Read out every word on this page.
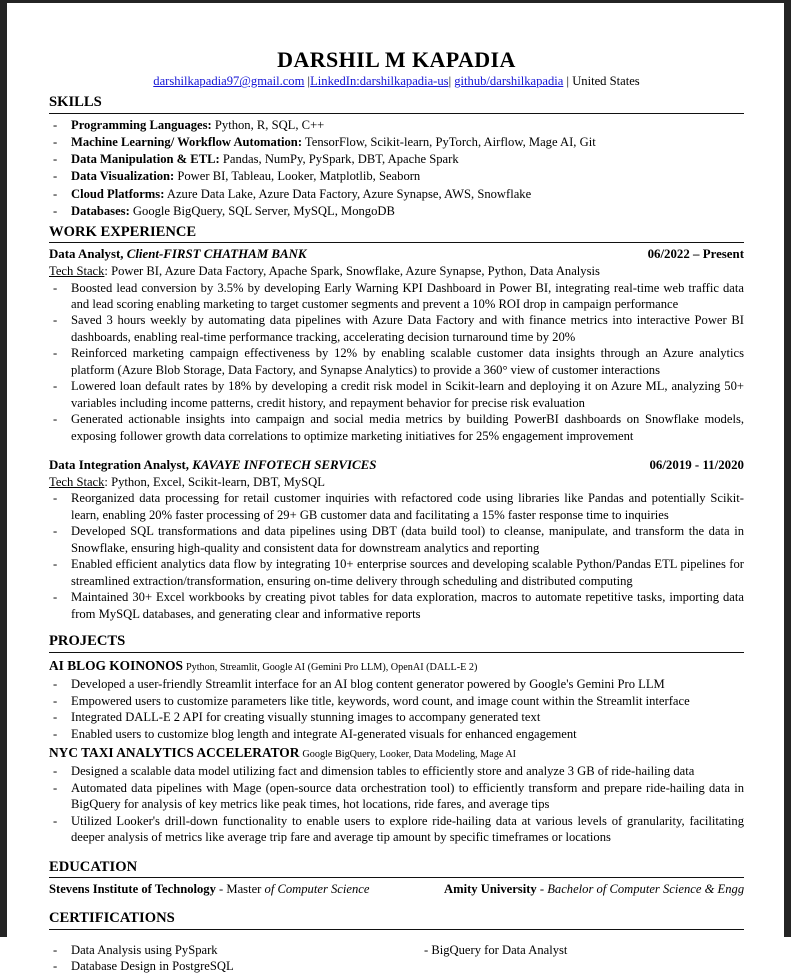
DARSHIL M KAPADIA
darshilkapadia97@gmail.com |LinkedIn:darshilkapadia-us| github/darshilkapadia | United States
SKILLS
-	Programming Languages: Python, R, SQL, C++
-	Machine Learning/ Workflow Automation: TensorFlow, Scikit-learn, PyTorch, Airflow, Mage AI, Git
-	Data Manipulation & ETL: Pandas, NumPy, PySpark, DBT, Apache Spark
-	Data Visualization: Power BI, Tableau, Looker, Matplotlib, Seaborn
-	Cloud Platforms: Azure Data Lake, Azure Data Factory, Azure Synapse, AWS, Snowflake
-	Databases: Google BigQuery, SQL Server, MySQL, MongoDB
WORK EXPERIENCE
Data Analyst, Client-FIRST CHATHAM BANK	06/2022 – Present
Tech Stack: Power BI, Azure Data Factory, Apache Spark, Snowflake, Azure Synapse, Python, Data Analysis
-	Boosted lead conversion by 3.5% by developing Early Warning KPI Dashboard in Power BI, integrating real-time web traffic data and lead scoring enabling marketing to target customer segments and prevent a 10% ROI drop in campaign performance
-	Saved 3 hours weekly by automating data pipelines with Azure Data Factory and with finance metrics into interactive Power BI dashboards, enabling real-time performance tracking, accelerating decision turnaround time by 20%
-	Reinforced marketing campaign effectiveness by 12% by enabling scalable customer data insights through an Azure analytics platform (Azure Blob Storage, Data Factory, and Synapse Analytics) to provide a 360° view of customer interactions
-	Lowered loan default rates by 18% by developing a credit risk model in Scikit-learn and deploying it on Azure ML, analyzing 50+ variables including income patterns, credit history, and repayment behavior for precise risk evaluation
-	Generated actionable insights into campaign and social media metrics by building PowerBI dashboards on Snowflake models, exposing follower growth data correlations to optimize marketing initiatives for 25% engagement improvement
Data Integration Analyst, KAVAYE INFOTECH SERVICES	06/2019 - 11/2020
Tech Stack: Python, Excel, Scikit-learn, DBT, MySQL
-	Reorganized data processing for retail customer inquiries with refactored code using libraries like Pandas and potentially Scikit-learn, enabling 20% faster processing of 29+ GB customer data and facilitating a 15% faster response time to inquiries
-	Developed SQL transformations and data pipelines using DBT (data build tool) to cleanse, manipulate, and transform the data in Snowflake, ensuring high-quality and consistent data for downstream analytics and reporting
-	Enabled efficient analytics data flow by integrating 10+ enterprise sources and developing scalable Python/Pandas ETL pipelines for streamlined extraction/transformation, ensuring on-time delivery through scheduling and distributed computing
-	Maintained 30+ Excel workbooks by creating pivot tables for data exploration, macros to automate repetitive tasks, importing data from MySQL databases, and generating clear and informative reports
PROJECTS
AI BLOG KOINONOS Python, Streamlit, Google AI (Gemini Pro LLM), OpenAI (DALL-E 2)
-	Developed a user-friendly Streamlit interface for an AI blog content generator powered by Google's Gemini Pro LLM
-	Empowered users to customize parameters like title, keywords, word count, and image count within the Streamlit interface
-	Integrated DALL-E 2 API for creating visually stunning images to accompany generated text
-	Enabled users to customize blog length and integrate AI-generated visuals for enhanced engagement
NYC TAXI ANALYTICS ACCELERATOR Google BigQuery, Looker, Data Modeling, Mage AI
-	Designed a scalable data model utilizing fact and dimension tables to efficiently store and analyze 3 GB of ride-hailing data
-	Automated data pipelines with Mage (open-source data orchestration tool) to efficiently transform and prepare ride-hailing data in BigQuery for analysis of key metrics like peak times, hot locations, ride fares, and average tips
-	Utilized Looker's drill-down functionality to enable users to explore ride-hailing data at various levels of granularity, facilitating deeper analysis of metrics like average trip fare and average tip amount by specific timeframes or locations
EDUCATION
Stevens Institute of Technology - Master of Computer Science	Amity University - Bachelor of Computer Science & Engg
CERTIFICATIONS
-	Data Analysis using PySpark
-	Database Design in PostgreSQL
- BigQuery for Data Analyst
